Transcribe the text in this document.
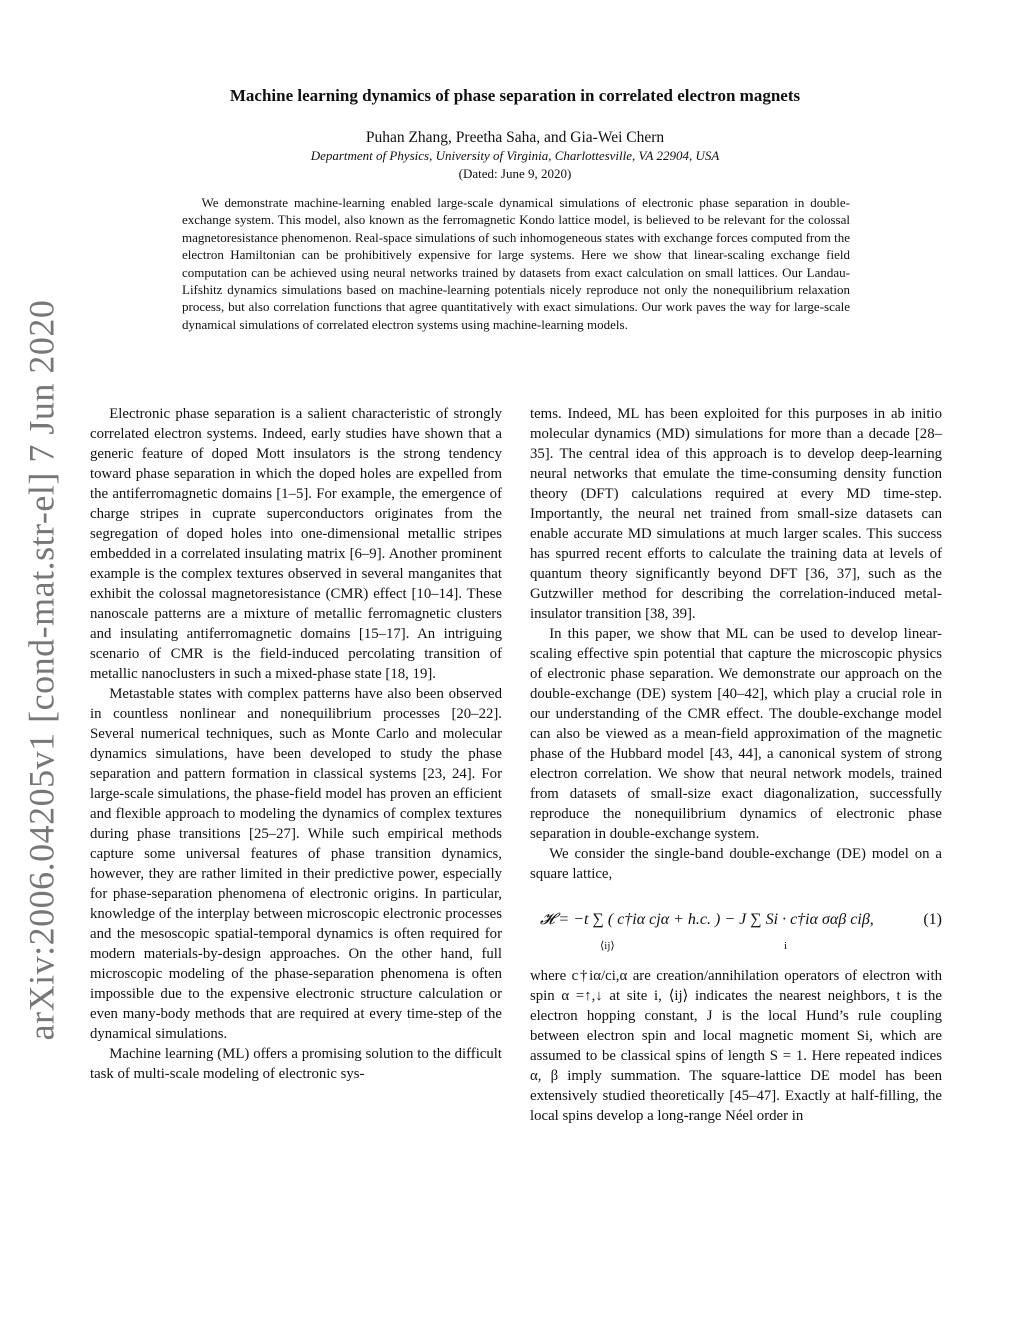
arXiv:2006.04205v1 [cond-mat.str-el] 7 Jun 2020
Machine learning dynamics of phase separation in correlated electron magnets
Puhan Zhang, Preetha Saha, and Gia-Wei Chern
Department of Physics, University of Virginia, Charlottesville, VA 22904, USA
(Dated: June 9, 2020)
We demonstrate machine-learning enabled large-scale dynamical simulations of electronic phase separation in double-exchange system. This model, also known as the ferromagnetic Kondo lattice model, is believed to be relevant for the colossal magnetoresistance phenomenon. Real-space simulations of such inhomogeneous states with exchange forces computed from the electron Hamiltonian can be prohibitively expensive for large systems. Here we show that linear-scaling exchange field computation can be achieved using neural networks trained by datasets from exact calculation on small lattices. Our Landau-Lifshitz dynamics simulations based on machine-learning potentials nicely reproduce not only the nonequilibrium relaxation process, but also correlation functions that agree quantitatively with exact simulations. Our work paves the way for large-scale dynamical simulations of correlated electron systems using machine-learning models.

Electronic phase separation is a salient characteristic of strongly correlated electron systems. Indeed, early studies have shown that a generic feature of doped Mott insulators is the strong tendency toward phase separation in which the doped holes are expelled from the antiferromagnetic domains [1–5]. For example, the emergence of charge stripes in cuprate superconductors originates from the segregation of doped holes into one-dimensional metallic stripes embedded in a correlated insulating matrix [6–9]. Another prominent example is the complex textures observed in several manganites that exhibit the colossal magnetoresistance (CMR) effect [10–14]. These nanoscale patterns are a mixture of metallic ferromagnetic clusters and insulating antiferromagnetic domains [15–17]. An intriguing scenario of CMR is the field-induced percolating transition of metallic nanoclusters in such a mixed-phase state [18, 19].

Metastable states with complex patterns have also been observed in countless nonlinear and nonequilibrium processes [20–22]. Several numerical techniques, such as Monte Carlo and molecular dynamics simulations, have been developed to study the phase separation and pattern formation in classical systems [23, 24]. For large-scale simulations, the phase-field model has proven an efficient and flexible approach to modeling the dynamics of complex textures during phase transitions [25–27]. While such empirical methods capture some universal features of phase transition dynamics, however, they are rather limited in their predictive power, especially for phase-separation phenomena of electronic origins. In particular, knowledge of the interplay between microscopic electronic processes and the mesoscopic spatial-temporal dynamics is often required for modern materials-by-design approaches. On the other hand, full microscopic modeling of the phase-separation phenomena is often impossible due to the expensive electronic structure calculation or even many-body methods that are required at every time-step of the dynamical simulations.

Machine learning (ML) offers a promising solution to the difficult task of multi-scale modeling of electronic sys-

tems. Indeed, ML has been exploited for this purposes in ab initio molecular dynamics (MD) simulations for more than a decade [28–35]. The central idea of this approach is to develop deep-learning neural networks that emulate the time-consuming density function theory (DFT) calculations required at every MD time-step. Importantly, the neural net trained from small-size datasets can enable accurate MD simulations at much larger scales. This success has spurred recent efforts to calculate the training data at levels of quantum theory significantly beyond DFT [36, 37], such as the Gutzwiller method for describing the correlation-induced metal-insulator transition [38, 39].

In this paper, we show that ML can be used to develop linear-scaling effective spin potential that capture the microscopic physics of electronic phase separation. We demonstrate our approach on the double-exchange (DE) system [40–42], which play a crucial role in our understanding of the CMR effect. The double-exchange model can also be viewed as a mean-field approximation of the magnetic phase of the Hubbard model [43, 44], a canonical system of strong electron correlation. We show that neural network models, trained from datasets of small-size exact diagonalization, successfully reproduce the nonequilibrium dynamics of electronic phase separation in double-exchange system.

We consider the single-band double-exchange (DE) model on a square lattice,

𝓗 = −t ∑ ( c†iα cjα + h.c. ) − J ∑ Si · c†iα σαβ ciβ,
⟨ij⟩	i
(1)

where c†iα/ci,α are creation/annihilation operators of electron with spin α =↑,↓ at site i, ⟨ij⟩ indicates the nearest neighbors, t is the electron hopping constant, J is the local Hund’s rule coupling between electron spin and local magnetic moment Si, which are assumed to be classical spins of length S = 1. Here repeated indices α, β imply summation. The square-lattice DE model has been extensively studied theoretically [45–47]. Exactly at half-filling, the local spins develop a long-range Néel order in
